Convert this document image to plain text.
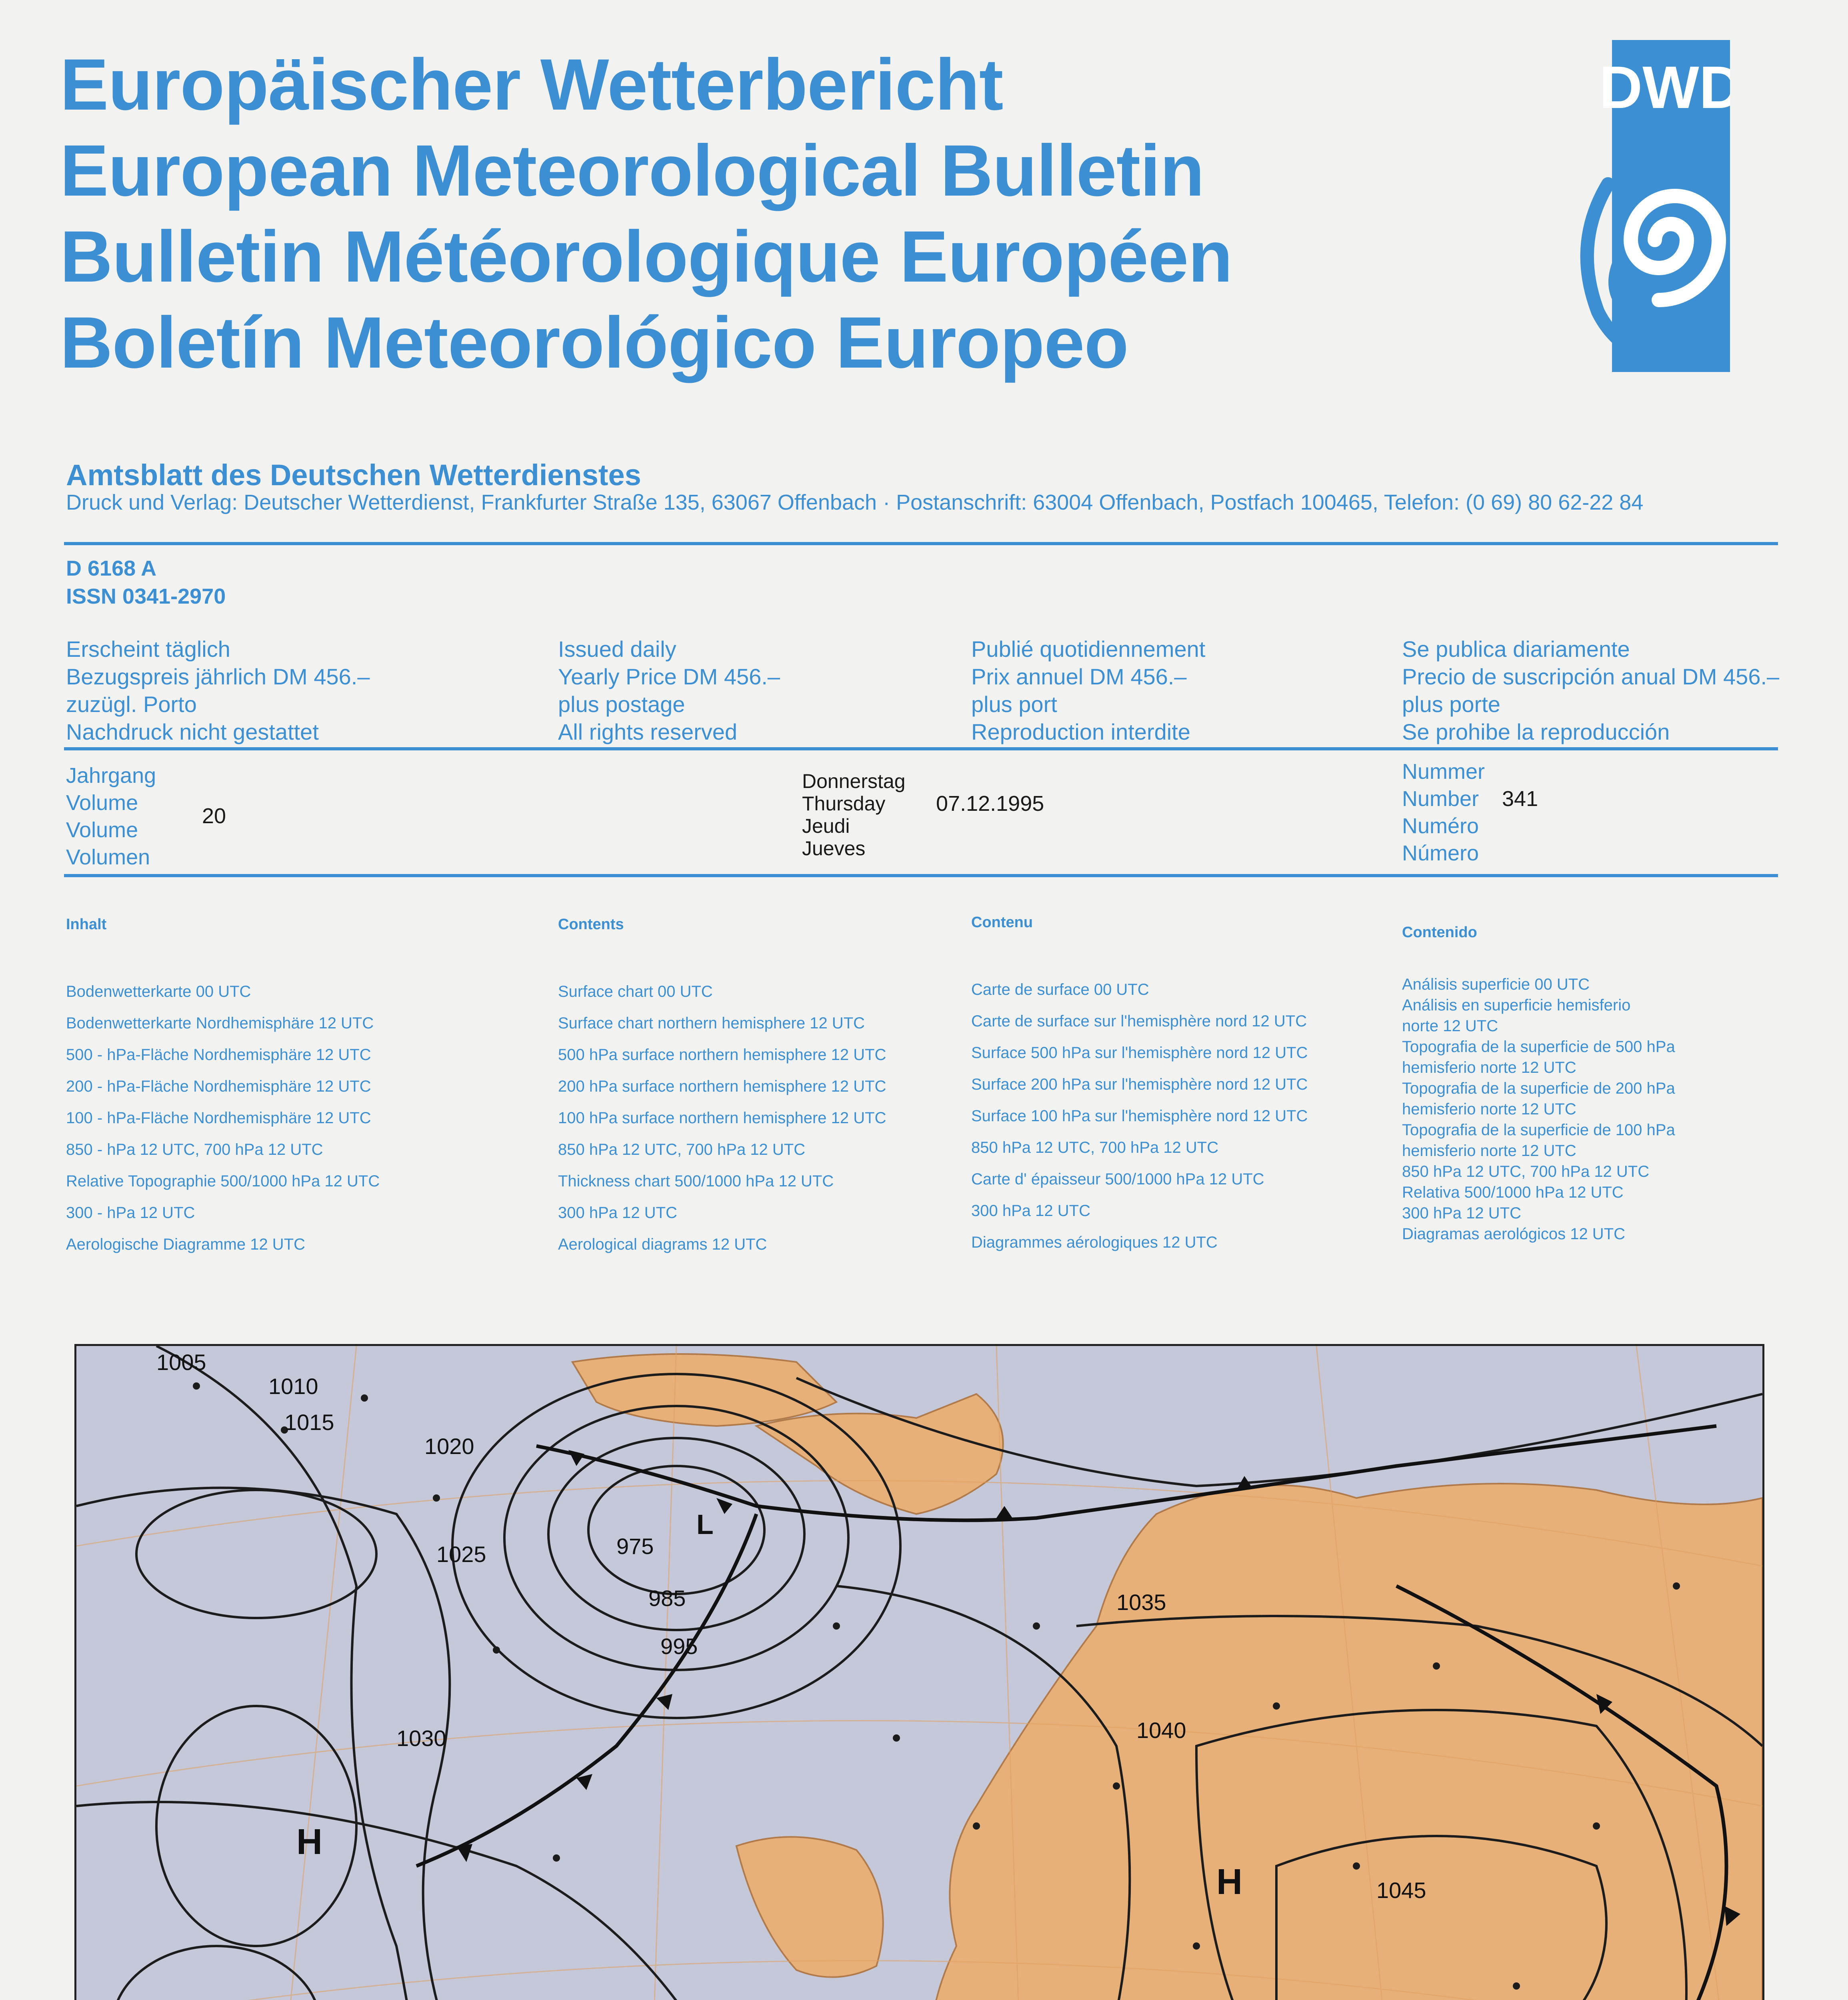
Europäischer Wetterbericht
European Meteorological Bulletin
Bulletin Météorologique Européen
Boletín Meteorológico Europeo
DWD
Amtsblatt des Deutschen Wetterdienstes
Druck und Verlag: Deutscher Wetterdienst, Frankfurter Straße 135, 63067 Offenbach · Postanschrift: 63004 Offenbach, Postfach 100465, Telefon: (0 69) 80 62-22 84
D 6168 A
ISSN 0341-2970
Erscheint täglich
Bezugspreis jährlich DM 456.–
zuzügl. Porto
Nachdruck nicht gestattet
Issued daily
Yearly Price DM 456.–
plus postage
All rights reserved
Publié quotidiennement
Prix annuel DM 456.–
plus port
Reproduction interdite
Se publica diariamente
Precio de suscripción anual DM 456.–
plus porte
Se prohibe la reproducción
Jahrgang
Volume
Volume
Volumen
20
Donnerstag
Thursday
Jeudi
Jueves
07.12.1995
Nummer
Number
Numéro
Número
341
Inhalt	Contents	Contenu
Contenido
Bodenwetterkarte 00 UTC
Bodenwetterkarte Nordhemisphäre 12 UTC
500 - hPa-Fläche Nordhemisphäre 12 UTC
200 - hPa-Fläche Nordhemisphäre 12 UTC
100 - hPa-Fläche Nordhemisphäre 12 UTC
850 - hPa 12 UTC, 700 hPa 12 UTC
Relative Topographie 500/1000 hPa 12 UTC
300 - hPa 12 UTC
Aerologische Diagramme 12 UTC
Surface chart 00 UTC
Surface chart northern hemisphere 12 UTC
500 hPa surface northern hemisphere 12 UTC
200 hPa surface northern hemisphere 12 UTC
100 hPa surface northern hemisphere 12 UTC
850 hPa 12 UTC, 700 hPa 12 UTC
Thickness chart 500/1000 hPa 12 UTC
300 hPa 12 UTC
Aerological diagrams 12 UTC
Carte de surface 00 UTC
Carte de surface sur l'hemisphère nord 12 UTC
Surface 500 hPa sur l'hemisphère nord 12 UTC
Surface 200 hPa sur l'hemisphère nord 12 UTC
Surface 100 hPa sur l'hemisphère nord 12 UTC
850 hPa 12 UTC, 700 hPa 12 UTC
Carte d' épaisseur 500/1000 hPa 12 UTC
300 hPa 12 UTC
Diagrammes aérologiques 12 UTC
Análisis superficie 00 UTC
Análisis en superficie hemisferio
norte 12 UTC
Topografia de la superficie de 500 hPa
hemisferio norte 12 UTC
Topografia de la superficie de 200 hPa
hemisferio norte 12 UTC
Topografia de la superficie de 100 hPa
hemisferio norte 12 UTC
850 hPa 12 UTC, 700 hPa 12 UTC
Relativa 500/1000 hPa 12 UTC
300 hPa 12 UTC
Diagramas aerológicos 12 UTC
1005
1010
1015
1020
1025
1030
1035
1040
1045
975
985
995
L
H
H
